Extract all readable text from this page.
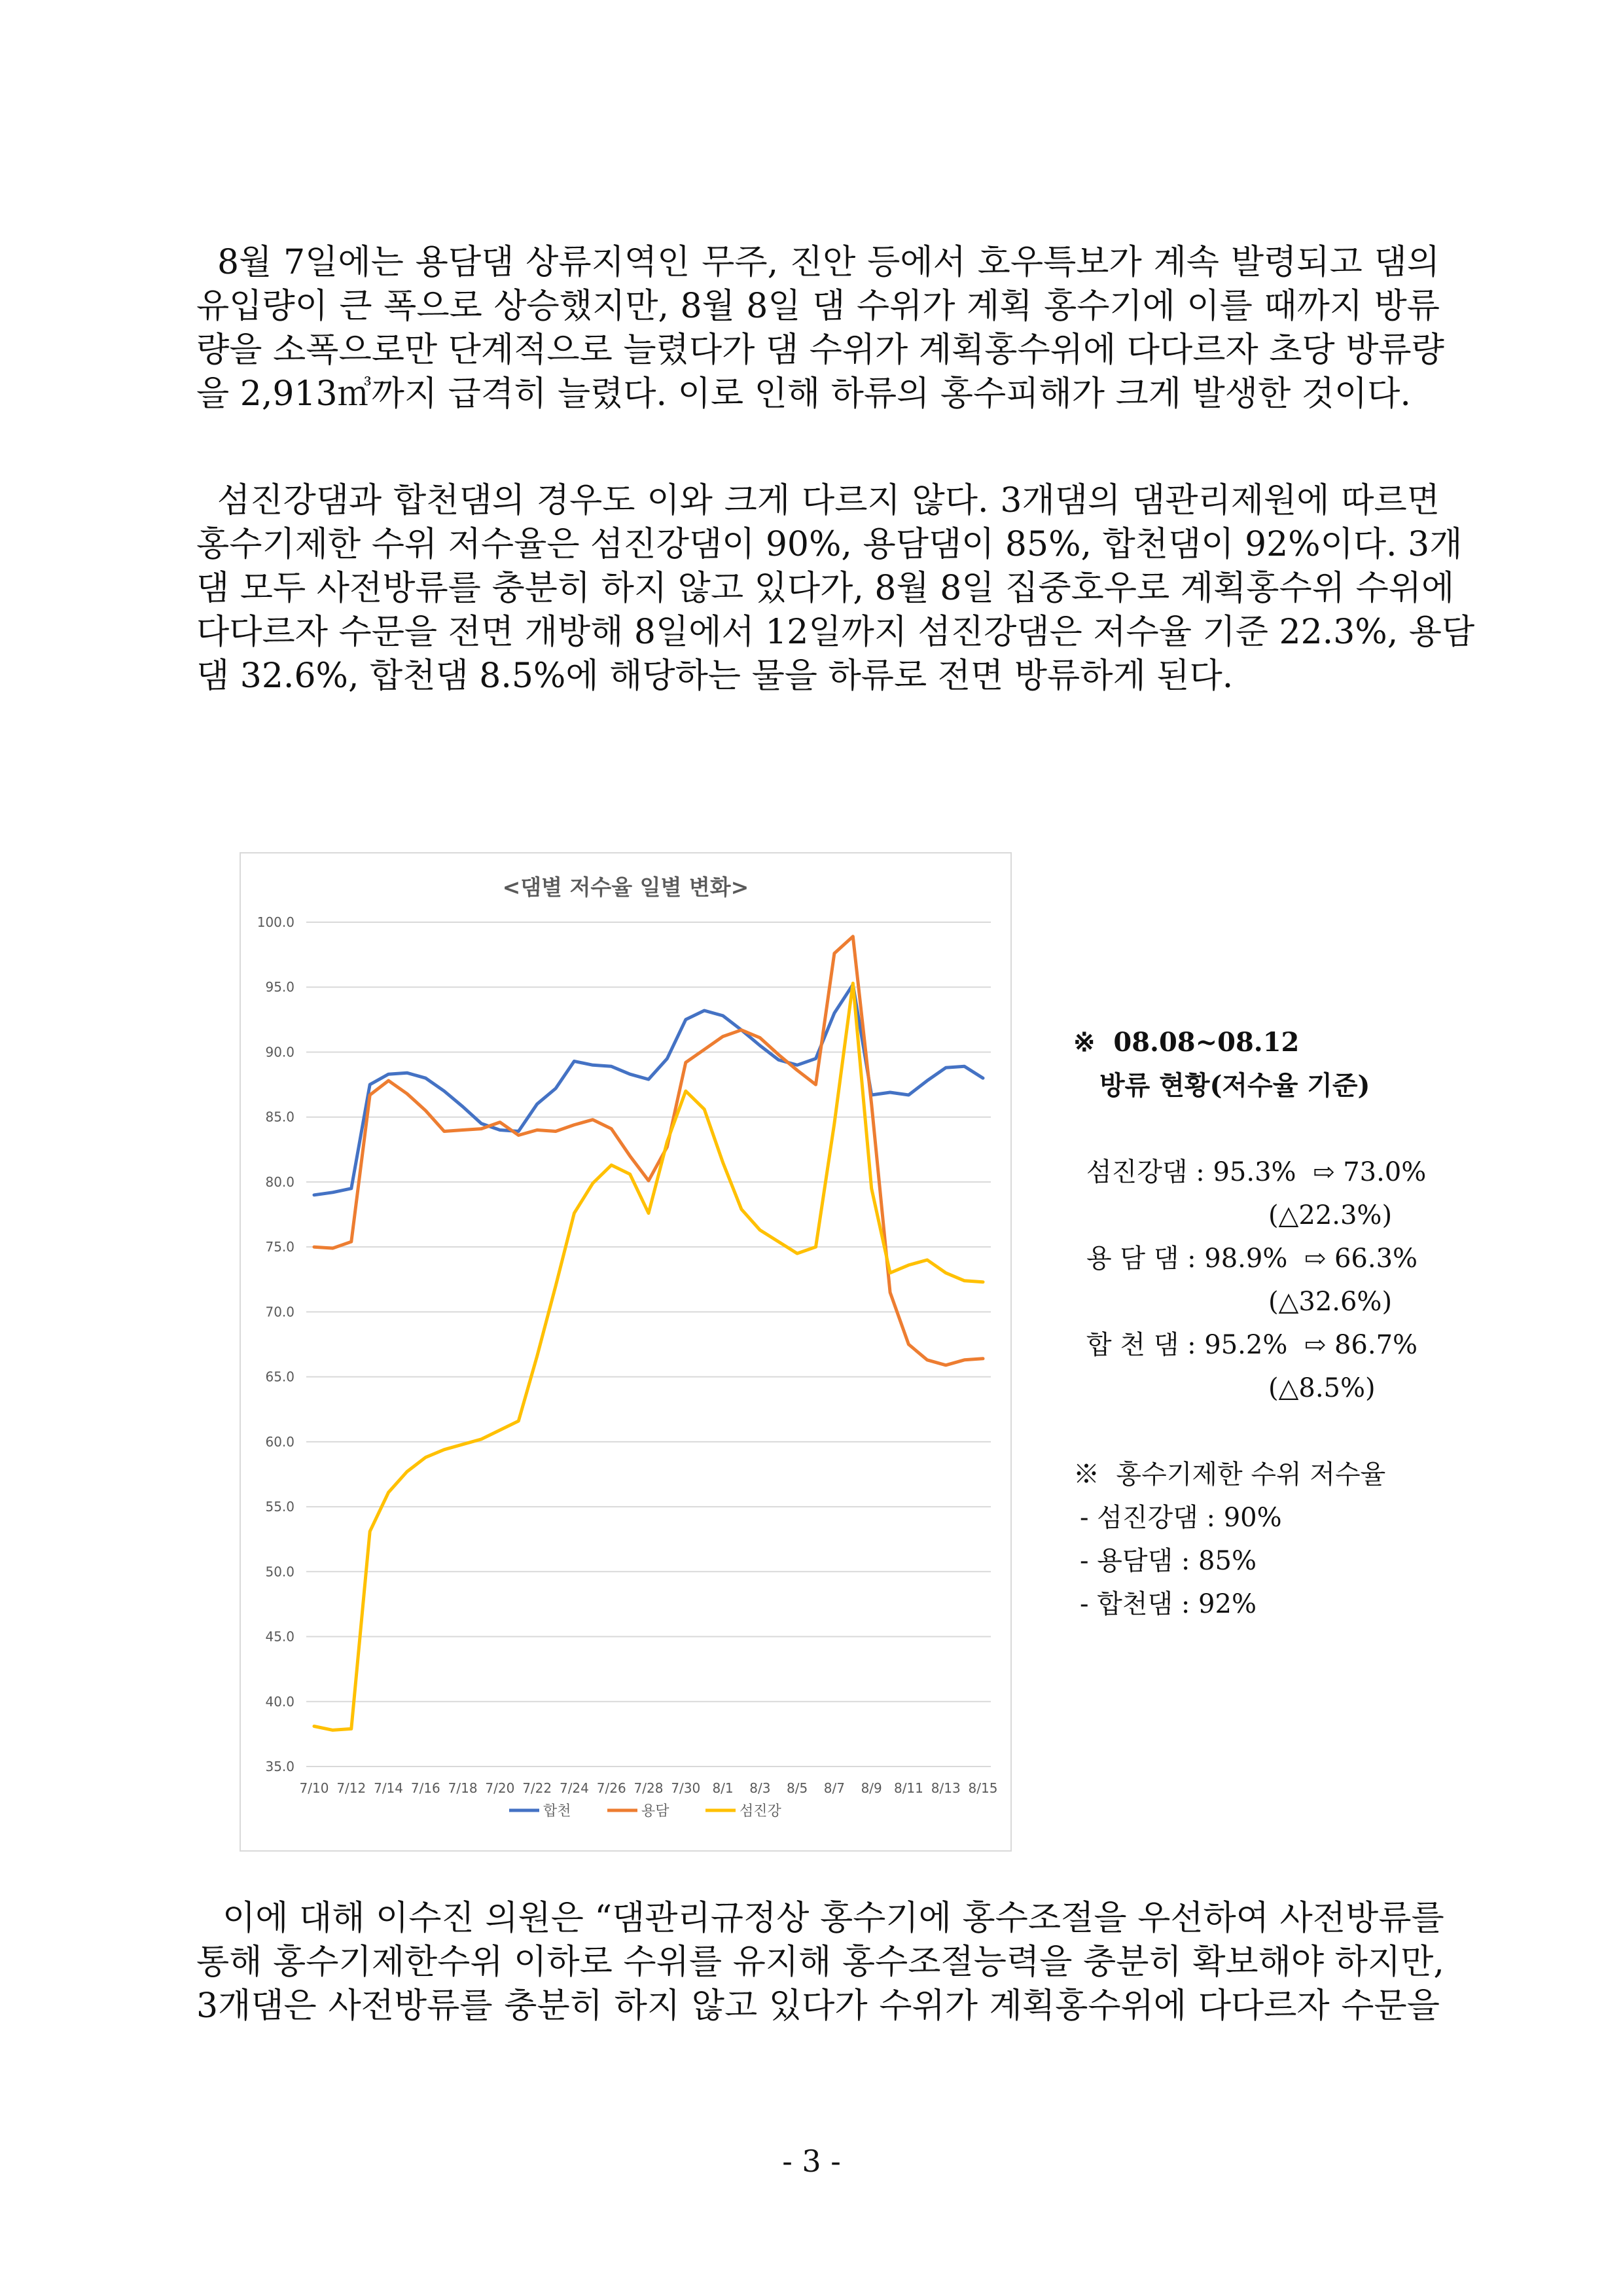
8월 7일에는 용담댐 상류지역인 무주, 진안 등에서 호우특보가 계속 발령되고 댐의
유입량이 큰 폭으로 상승했지만, 8월 8일 댐 수위가 계획 홍수기에 이를 때까지 방류
량을 소폭으로만 단계적으로 늘렸다가 댐 수위가 계획홍수위에 다다르자 초당 방류량
을 2,913㎥까지 급격히 늘렸다. 이로 인해 하류의 홍수피해가 크게 발생한 것이다.
섬진강댐과 합천댐의 경우도 이와 크게 다르지 않다. 3개댐의 댐관리제원에 따르면
홍수기제한 수위 저수율은 섬진강댐이 90%, 용담댐이 85%, 합천댐이 92%이다. 3개
댐 모두 사전방류를 충분히 하지 않고 있다가, 8월 8일 집중호우로 계획홍수위 수위에
다다르자 수문을 전면 개방해 8일에서 12일까지 섬진강댐은 저수율 기준 22.3%, 용담
댐 32.6%, 합천댐 8.5%에 해당하는 물을 하류로 전면 방류하게 된다.
<댐별 저수율 일별 변화>
100.0
95.0
90.0
85.0
80.0
75.0
70.0
65.0
60.0
55.0
50.0
45.0
40.0
35.0
7/10 7/12 7/14 7/16 7/18 7/20 7/22 7/24 7/26 7/28 7/30 8/1 8/3 8/5 8/7 8/9 8/11 8/13 8/15
합천	용담	섬진강
※  08.08~08.12
방류 현황(저수율 기준)
섬진강댐 : 95.3%  ⇨ 73.0%
(△22.3%)
용 담 댐 : 98.9%  ⇨ 66.3%
(△32.6%)
합 천 댐 : 95.2%  ⇨ 86.7%
(△8.5%)
※  홍수기제한 수위 저수율
- 섬진강댐 : 90%
- 용담댐 : 85%
- 합천댐 : 92%
이에 대해 이수진 의원은 “댐관리규정상 홍수기에 홍수조절을 우선하여 사전방류를
통해 홍수기제한수위 이하로 수위를 유지해 홍수조절능력을 충분히 확보해야 하지만,
3개댐은 사전방류를 충분히 하지 않고 있다가 수위가 계획홍수위에 다다르자 수문을
- 3 -
